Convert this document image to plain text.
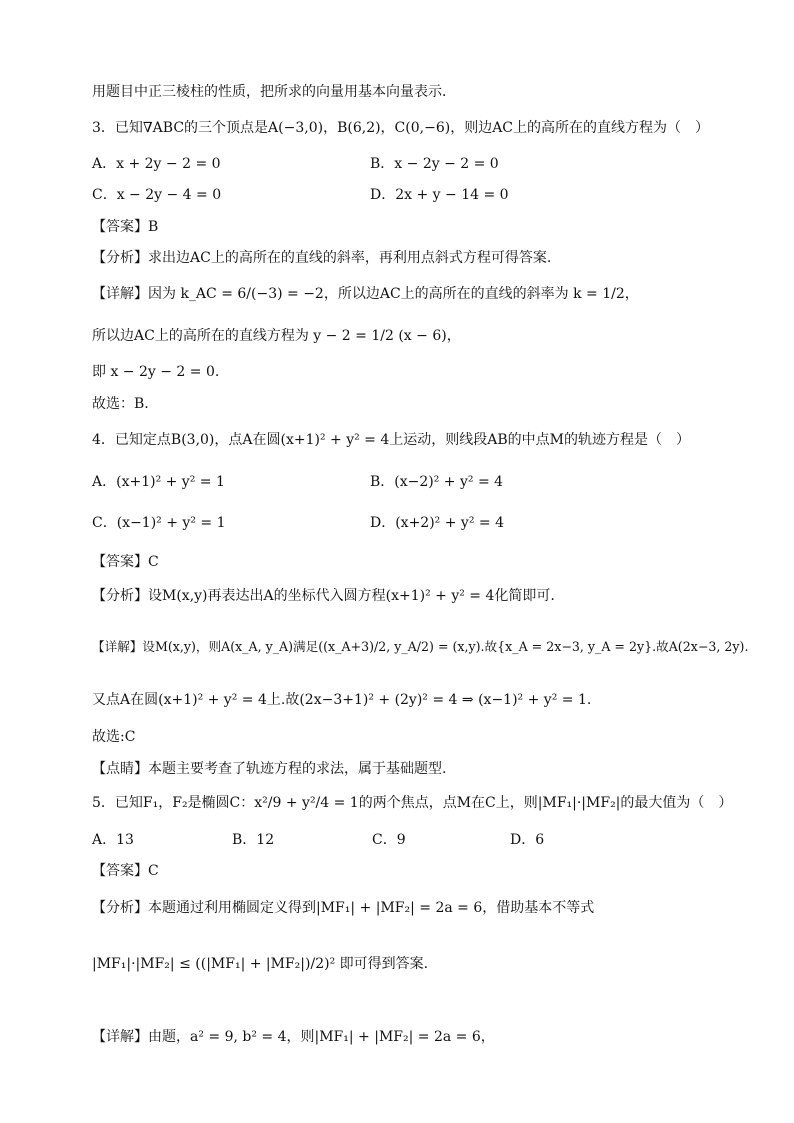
用题目中正三棱柱的性质，把所求的向量用基本向量表示．
3．已知∇ABC的三个顶点是A(−3,0)，B(6,2)，C(0,−6)，则边AC上的高所在的直线方程为（　）
A．x + 2y − 2 = 0	B．x − 2y − 2 = 0
C．x − 2y − 4 = 0	D．2x + y − 14 = 0
【答案】B
【分析】求出边AC上的高所在的直线的斜率，再利用点斜式方程可得答案.
【详解】因为 k_AC = 6/(−3) = −2，所以边AC上的高所在的直线的斜率为 k = 1/2，
所以边AC上的高所在的直线方程为 y − 2 = 1/2 (x − 6)，
即 x − 2y − 2 = 0.
故选：B.
4．已知定点B(3,0)，点A在圆(x+1)² + y² = 4上运动，则线段AB的中点M的轨迹方程是（　）
A．(x+1)² + y² = 1	B．(x−2)² + y² = 4
C．(x−1)² + y² = 1	D．(x+2)² + y² = 4
【答案】C
【分析】设M(x,y)再表达出A的坐标代入圆方程(x+1)² + y² = 4化简即可.
【详解】设M(x,y)，则A(x_A, y_A)满足((x_A+3)/2, y_A/2) = (x,y).故{x_A = 2x−3, y_A = 2y}.故A(2x−3, 2y).
又点A在圆(x+1)² + y² = 4上.故(2x−3+1)² + (2y)² = 4 ⇒ (x−1)² + y² = 1.
故选:C
【点睛】本题主要考查了轨迹方程的求法，属于基础题型.
5．已知F₁，F₂是椭圆C：x²/9 + y²/4 = 1的两个焦点，点M在C上，则|MF₁|·|MF₂|的最大值为（　）
A．13	B．12	C．9	D．6
【答案】C
【分析】本题通过利用椭圆定义得到|MF₁| + |MF₂| = 2a = 6，借助基本不等式
|MF₁|·|MF₂| ≤ ((|MF₁| + |MF₂|)/2)² 即可得到答案.
【详解】由题，a² = 9, b² = 4，则|MF₁| + |MF₂| = 2a = 6，
